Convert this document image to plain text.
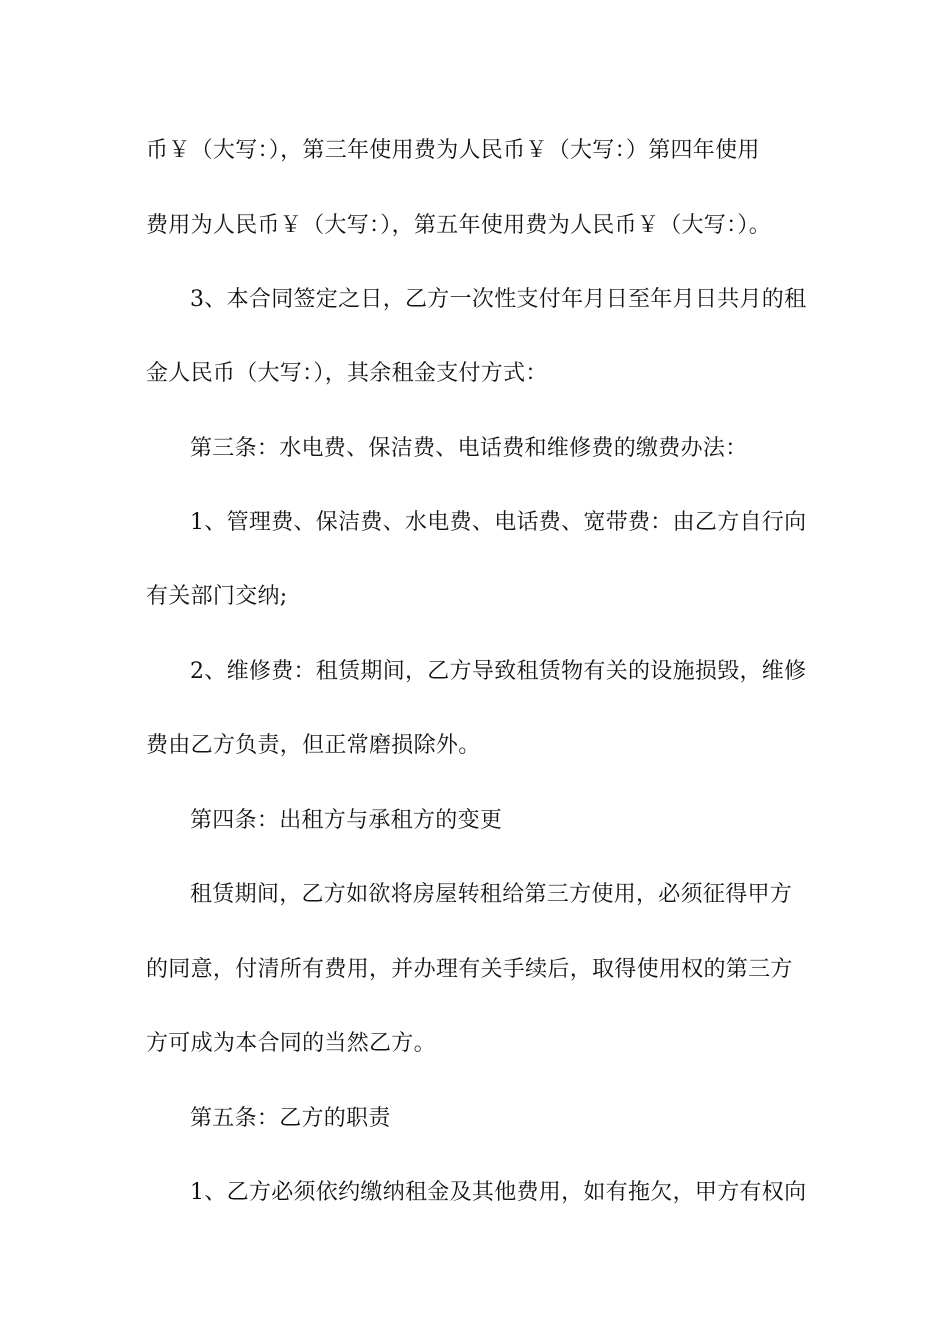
币￥（大写：），第三年使用费为人民币￥（大写：）第四年使用
费用为人民币￥（大写：），第五年使用费为人民币￥（大写：）。
3、本合同签定之日，乙方一次性支付年月日至年月日共月的租
金人民币（大写：），其余租金支付方式：
第三条：水电费、保洁费、电话费和维修费的缴费办法：
1、管理费、保洁费、水电费、电话费、宽带费：由乙方自行向
有关部门交纳;
2、维修费：租赁期间，乙方导致租赁物有关的设施损毁，维修
费由乙方负责，但正常磨损除外。
第四条：出租方与承租方的变更
租赁期间，乙方如欲将房屋转租给第三方使用，必须征得甲方
的同意，付清所有费用，并办理有关手续后，取得使用权的第三方
方可成为本合同的当然乙方。
第五条：乙方的职责
1、乙方必须依约缴纳租金及其他费用，如有拖欠，甲方有权向
